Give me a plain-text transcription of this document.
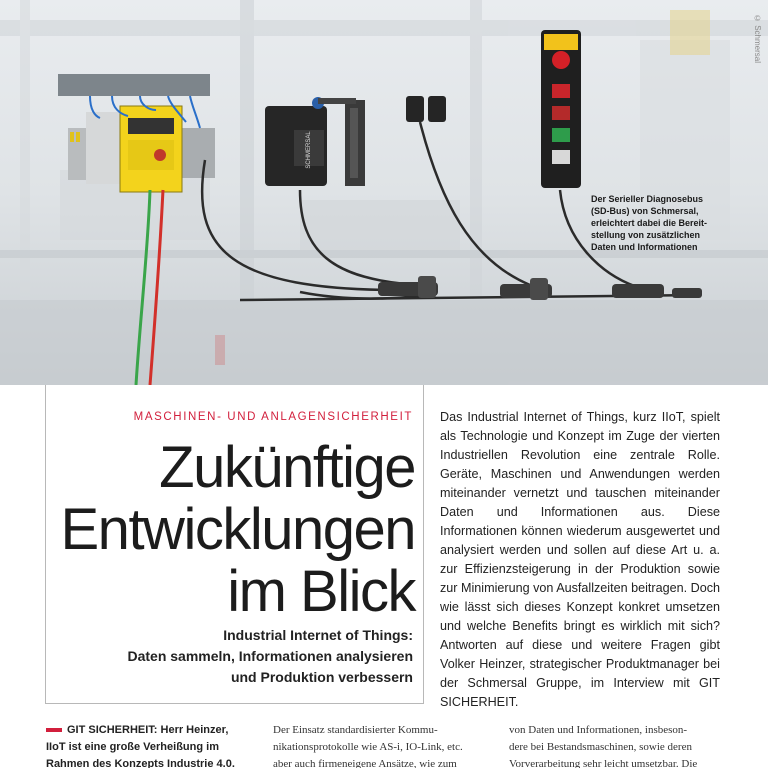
SCHMERSAL
© Schmersal
Der Serieller Diagnosebus
(SD-Bus) von Schmersal,
erleichtert dabei die Bereit-
stellung von zusätzlichen
Daten und Informationen
MASCHINEN- UND ANLAGENSICHERHEIT
Zukünftige
Entwicklungen
im Blick
Industrial Internet of Things:
Daten sammeln, Informationen analysieren
und Produktion verbessern
Das Industrial Internet of Things, kurz IIoT, spielt als Technologie und Konzept im Zuge der vierten Industriellen Revolution eine zentrale Rolle. Geräte, Maschinen und Anwendungen werden miteinander vernetzt und tauschen miteinander Daten und Informationen aus. Diese Informationen können wiederum ausgewertet und analysiert werden und sollen auf diese Art u. a. zur Effizienzsteigerung in der Produktion sowie zur Minimierung von Ausfallzeiten beitragen. Doch wie lässt sich dieses Konzept konkret umsetzen und welche Benefits bringt es wirklich mit sich? Antworten auf diese und weitere Fragen gibt Volker Heinzer, strategischer Produktmanager bei der Schmersal Gruppe, im Interview mit GIT SICHERHEIT.
GIT SICHERHEIT: Herr Heinzer,
IIoT ist eine große Verheißung im
Rahmen des Konzepts Industrie 4.0.
Der Einsatz standardisierter Kommu-
nikationsprotokolle wie AS-i, IO-Link, etc.
aber auch firmeneigene Ansätze, wie zum
von Daten und Informationen, insbeson-
dere bei Bestandsmaschinen, sowie deren
Vorverarbeitung sehr leicht umsetzbar. Die
